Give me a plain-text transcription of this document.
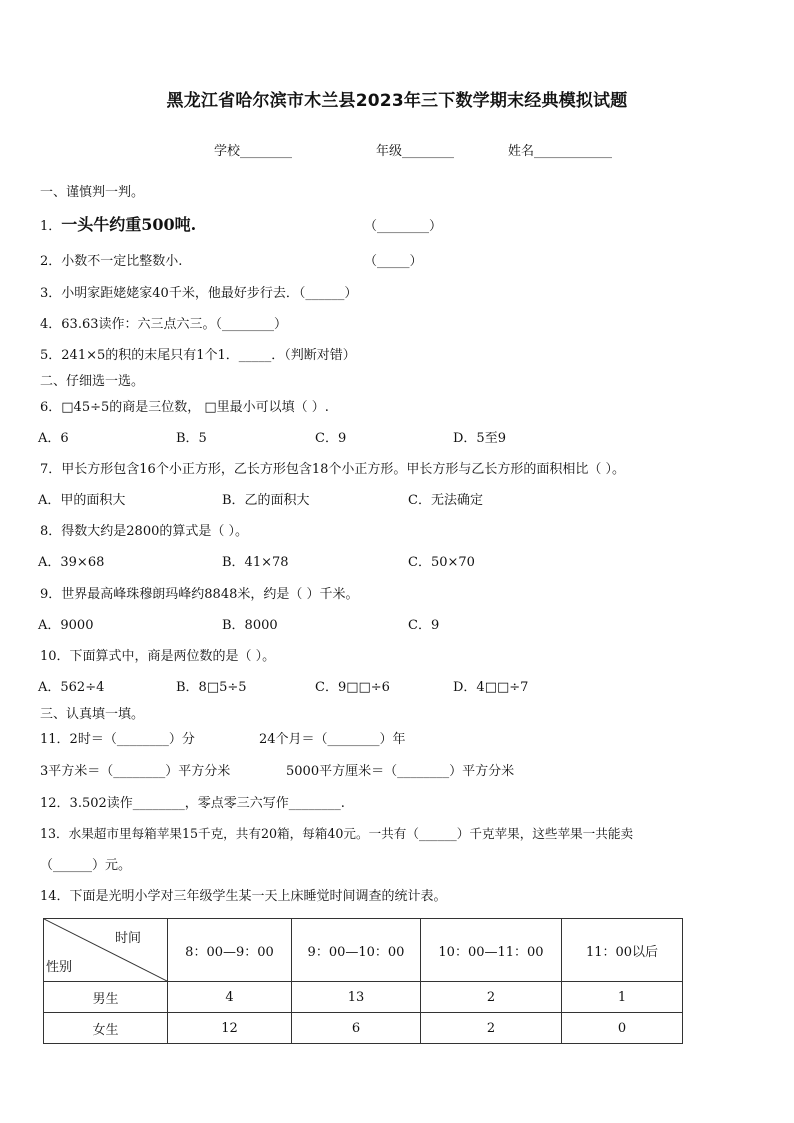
黑龙江省哈尔滨市木兰县2023年三下数学期末经典模拟试题
学校________	年级________	姓名____________
一、谨慎判一判。
1．一头牛约重500吨.	（________）
2．小数不一定比整数小.	（_____）
3．小明家距姥姥家40千米，他最好步行去．（______）
4．63.63读作：六三点六三。（________）
5．241×5的积的末尾只有1个1．_____．（判断对错）
二、仔细选一选。
6．□45÷5的商是三位数， □里最小可以填（ ）.
A．6	B．5	C．9	D．5至9
7．甲长方形包含16个小正方形，乙长方形包含18个小正方形。甲长方形与乙长方形的面积相比（ ）。
A．甲的面积大	B．乙的面积大	C．无法确定
8．得数大约是2800的算式是（ ）。
A．39×68	B．41×78	C．50×70
9．世界最高峰珠穆朗玛峰约8848米，约是（ ）千米。
A．9000	B．8000	C．9
10．下面算式中，商是两位数的是（ ）。
A．562÷4	B．8□5÷5	C．9□□÷6	D．4□□÷7
三、认真填一填。
11．2时＝（________）分	24个月＝（________）年
3平方米＝（________）平方分米	5000平方厘米＝（________）平方分米
12．3.502读作________，零点零三六写作________.
13．水果超市里每箱苹果15千克，共有20箱，每箱40元。一共有（______）千克苹果，这些苹果一共能卖
（______）元。
14．下面是光明小学对三年级学生某一天上床睡觉时间调查的统计表。
时间
性别	8：00—9：00	9：00—10：00	10：00—11：00	11：00以后
男生	4	13	2	1
女生	12	6	2	0
